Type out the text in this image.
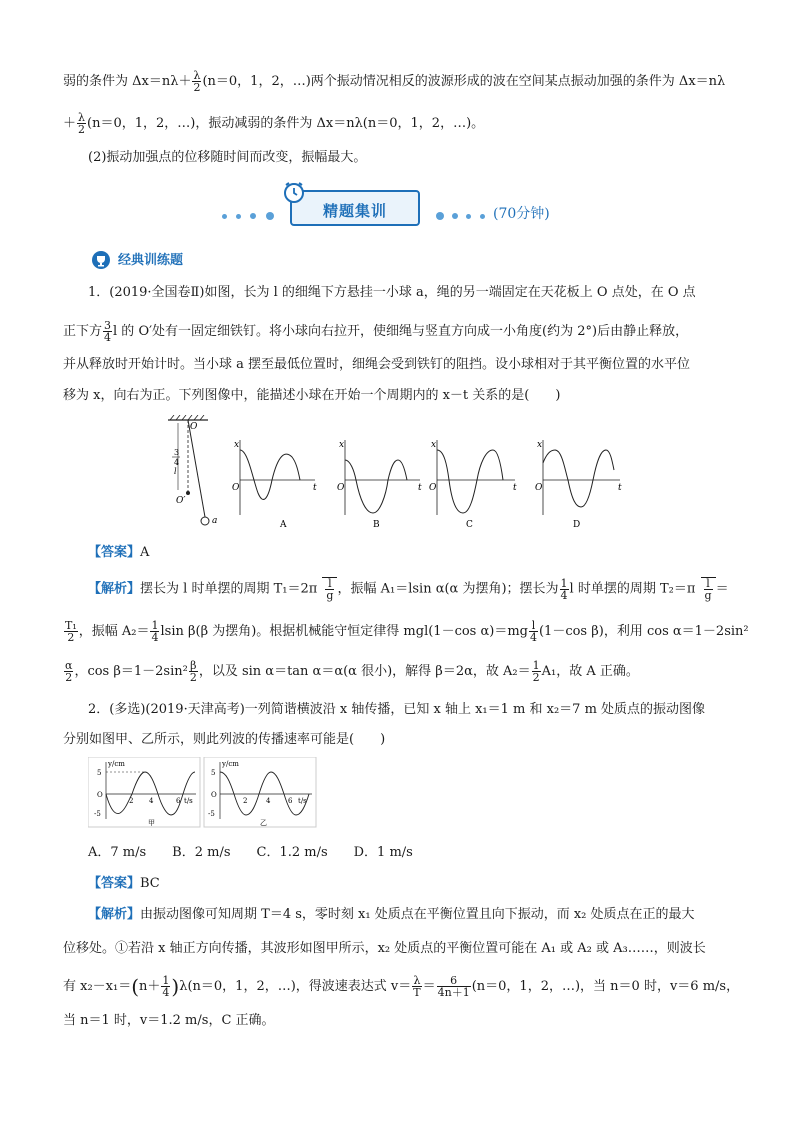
弱的条件为 $\Delta x=n\lambda+ \frac{\lambda}{2} (n=0$，1，2，…)两个振动情况相反的波源形成的波在空间某点振动加强的条件为 Δx＝nλ
＋ $\frac{\lambda}{2} (n=0$，1，2，…)，振动减弱的条件为 Δx＝nλ(n＝0，1，2，…)。
(2)振动加强点的位移随时间而改变，振幅最大。
精题集训	(70分钟)
经典训练题
1．(2019·全国卷Ⅱ)如图，长为 l 的细绳下方悬挂一小球 a，绳的另一端固定在天花板上 O 点处，在 O 点
正下方 $\frac{3}{4}$ l 的 O′处有一固定细铁钉。将小球向右拉开，使细绳与竖直方向成一小角度(约为 2°)后由静止释放，
并从释放时开始计时。当小球 a 摆至最低位置时，细绳会受到铁钉的阻挡。设小球相对于其平衡位置的水平位
移为 x，向右为正。下列图像中，能描述小球在开始一个周期内的 x－t 关系的是(　　)
O
O′
a
3
4
l
x
t
O
A
x
t
O
B
x
t
O
C
x
t
O
D
【答案】A
【解析】摆长为 l 时单摆的周期 $T_1=2\pi \frac{l}{g}$ ，振幅 A₁＝lsin α(α 为摆角)；摆长为 $\frac{1}{4}$ l 时单摆的周期 $T_2=\pi \frac{l}{g}$ ＝
$\frac{\text{T₁}}{2}$ ，振幅 $A_2= \frac{1}{4}$ lsin β(β 为摆角)。根据机械能守恒定律得 mgl(1－cos $\alpha)=mg \frac{l}{4} (1-\cos$ β)，利用 cos α＝1－2sin²
$\frac{\alpha}{2}$ ，$\cos \beta=1-2\sin^2 \frac{\beta}{2}$ ，以及 sin α＝tan α＝α(α 很小)，解得 β＝2α，故 $A_2= \frac{1}{2} A_1$，故 A 正确。
2．(多选)(2019·天津高考)一列简谐横波沿 x 轴传播，已知 x 轴上 x₁＝1 m 和 x₂＝7 m 处质点的振动图像
分别如图甲、乙所示，则此列波的传播速率可能是(　　)
y/cm
5
-5
O
2 4	6 t/s
甲
y/cm
5
-5
O
2	4	6 t/s
乙
A．7 m/s　　B．2 m/s　　C．1.2 m/s　　D．1 m/s
【答案】BC
【解析】由振动图像可知周期 T＝4 s，零时刻 x₁ 处质点在平衡位置且向下振动，而 x₂ 处质点在正的最大
位移处。①若沿 x 轴正方向传播，其波形如图甲所示，x₂ 处质点的平衡位置可能在 A₁ 或 A₂ 或 A₃……，则波长
有 $x_2-x_1=(n+ \frac{1}{4} )\lambda(n=0$，1，2，…)，得波速表达式 $v= \frac{\lambda}{T} = \frac{6}{4n+1} (n=0$，1，2，…)，当 n＝0 时，v＝6 m/s，
当 n＝1 时，v＝1.2 m/s，C 正确。
